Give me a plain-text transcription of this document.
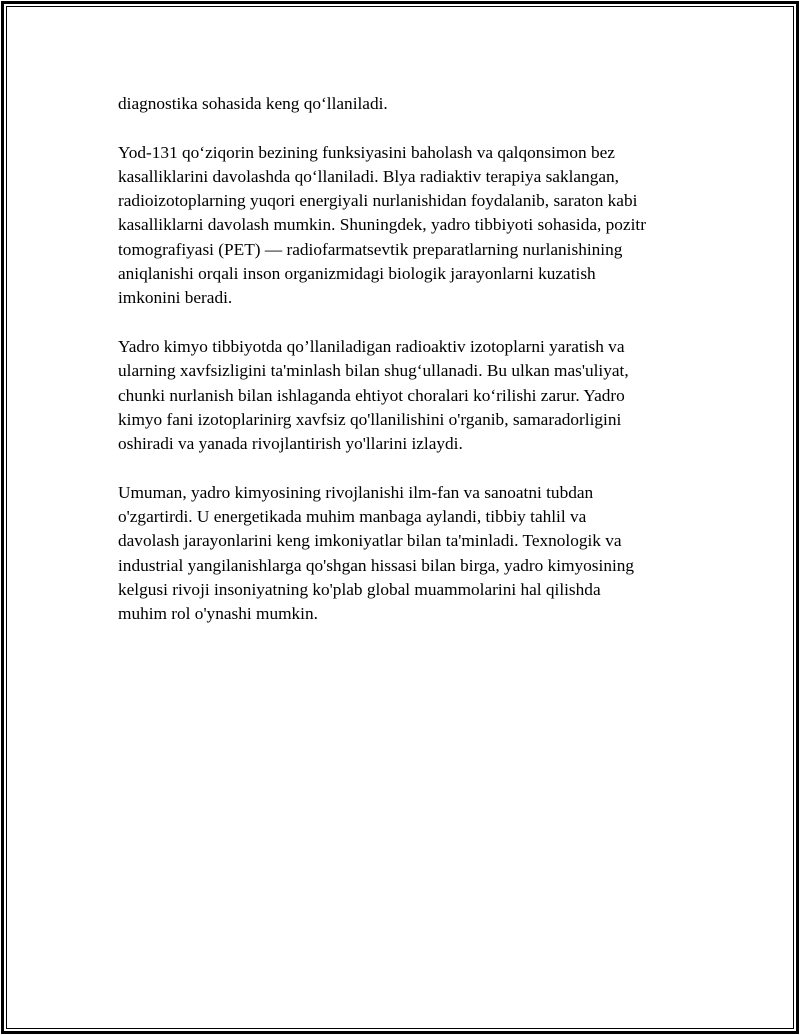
diagnostika sohasida keng qo‘llaniladi.

Yod-131 qo‘ziqorin bezining funksiyasini baholash va qalqonsimon bez
kasalliklarini davolashda qo‘llaniladi. Blya radiaktiv terapiya saklangan,
radioizotoplarning yuqori energiyali nurlanishidan foydalanib, saraton kabi
kasalliklarni davolash mumkin. Shuningdek, yadro tibbiyoti sohasida, pozitr
tomografiyasi (PET) — radiofarmatsevtik preparatlarning nurlanishining
aniqlanishi orqali inson organizmidagi biologik jarayonlarni kuzatish
imkonini beradi.

Yadro kimyo tibbiyotda qo’llaniladigan radioaktiv izotoplarni yaratish va
ularning xavfsizligini ta'minlash bilan shug‘ullanadi. Bu ulkan mas'uliyat,
chunki nurlanish bilan ishlaganda ehtiyot choralari ko‘rilishi zarur. Yadro
kimyo fani izotoplarinirg xavfsiz qo'llanilishini o'rganib, samaradorligini
oshiradi va yanada rivojlantirish yo'llarini izlaydi.

Umuman, yadro kimyosining rivojlanishi ilm-fan va sanoatni tubdan
o'zgartirdi. U energetikada muhim manbaga aylandi, tibbiy tahlil va
davolash jarayonlarini keng imkoniyatlar bilan ta'minladi. Texnologik va
industrial yangilanishlarga qo'shgan hissasi bilan birga, yadro kimyosining
kelgusi rivoji insoniyatning ko'plab global muammolarini hal qilishda
muhim rol o'ynashi mumkin.
